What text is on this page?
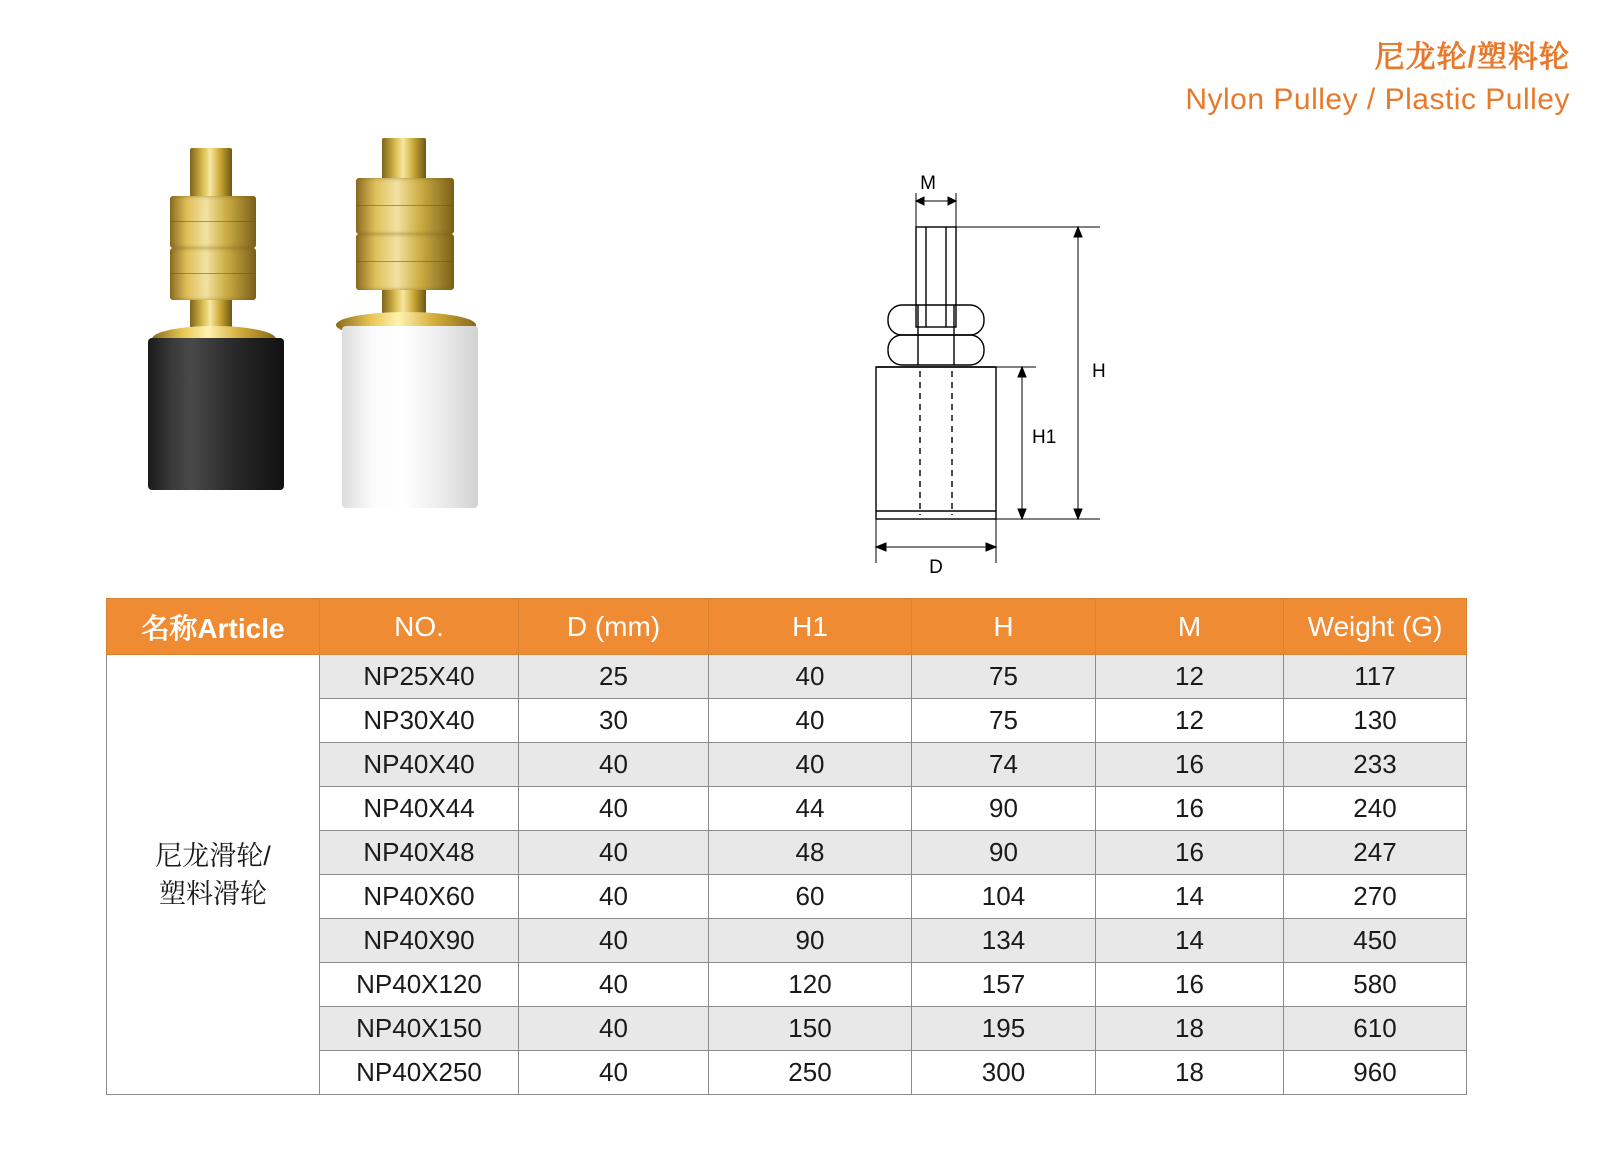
尼龙轮/塑料轮
Nylon Pulley / Plastic Pulley
M
H
H1
D
名称Article	NO.	D (mm)	H1	H	M	Weight (G)

尼龙滑轮/
塑料滑轮	NP25X40	25	40	75	12	117
	NP30X40	30	40	75	12	130
	NP40X40	40	40	74	16	233
	NP40X44	40	44	90	16	240
	NP40X48	40	48	90	16	247
	NP40X60	40	60	104	14	270
	NP40X90	40	90	134	14	450
	NP40X120	40	120	157	16	580
	NP40X150	40	150	195	18	610
	NP40X250	40	250	300	18	960
